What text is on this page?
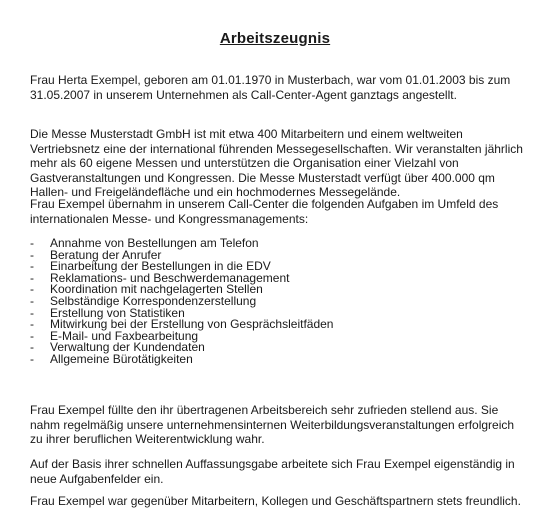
Arbeitszeugnis

Frau Herta Exempel, geboren am 01.01.1970 in Musterbach, war vom 01.01.2003 bis zum
31.05.2007 in unserem Unternehmen als Call-Center-Agent ganztags angestellt.

Die Messe Musterstadt GmbH ist mit etwa 400 Mitarbeitern und einem weltweiten
Vertriebsnetz eine der international führenden Messegesellschaften. Wir veranstalten jährlich
mehr als 60 eigene Messen und unterstützen die Organisation einer Vielzahl von
Gastveranstaltungen und Kongressen. Die Messe Musterstadt verfügt über 400.000 qm
Hallen- und Freigeländefläche und ein hochmodernes Messegelände.

Frau Exempel übernahm in unserem Call-Center die folgenden Aufgaben im Umfeld des
internationalen Messe- und Kongressmanagements:

- Annahme von Bestellungen am Telefon
- Beratung der Anrufer
- Einarbeitung der Bestellungen in die EDV
- Reklamations- und Beschwerdemanagement
- Koordination mit nachgelagerten Stellen
- Selbständige Korrespondenzerstellung
- Erstellung von Statistiken
- Mitwirkung bei der Erstellung von Gesprächsleitfäden
- E-Mail- und Faxbearbeitung
- Verwaltung der Kundendaten
- Allgemeine Bürotätigkeiten

Frau Exempel füllte den ihr übertragenen Arbeitsbereich sehr zufrieden stellend aus. Sie
nahm regelmäßig unsere unternehmensinternen Weiterbildungsveranstaltungen erfolgreich
zu ihrer beruflichen Weiterentwicklung wahr.

Auf der Basis ihrer schnellen Auffassungsgabe arbeitete sich Frau Exempel eigenständig in
neue Aufgabenfelder ein.

Frau Exempel war gegenüber Mitarbeitern, Kollegen und Geschäftspartnern stets freundlich.
